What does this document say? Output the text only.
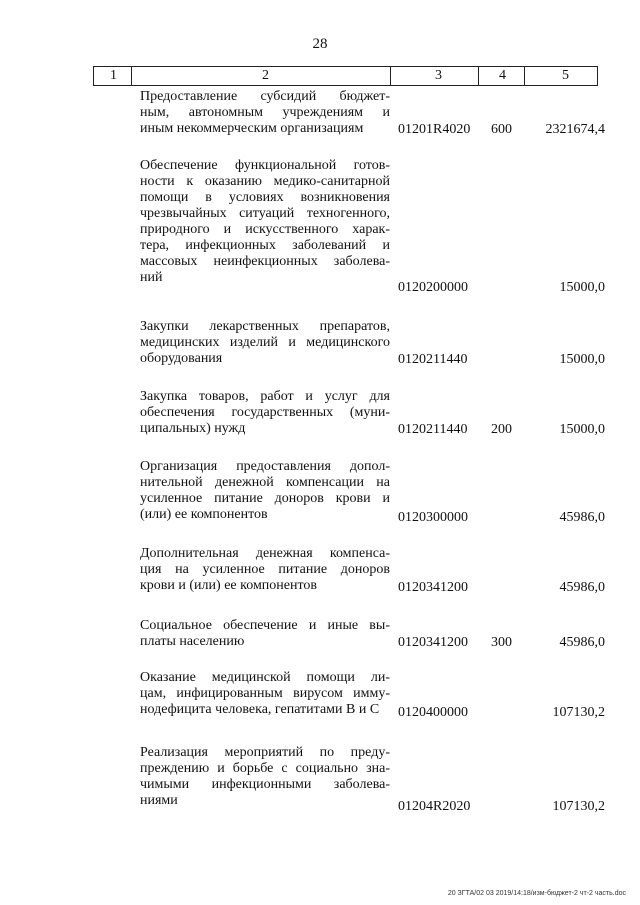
28
1	2	3	4	5
Предоставление субсидий бюджет-
ным, автономным учреждениям и
иным некоммерческим организациям	01201R4020 600 2321674,4
Обеспечение функциональной готов-
ности к оказанию медико-санитарной
помощи в условиях возникновения
чрезвычайных ситуаций техногенного,
природного и искусственного харак-
тера, инфекционных заболеваний и
массовых неинфекционных заболева-
ний
0120200000	15000,0
Закупки лекарственных препаратов,
медицинских изделий и медицинского
оборудования	0120211440	15000,0
Закупка товаров, работ и услуг для
обеспечения государственных (муни-
ципальных) нужд	0120211440 200	15000,0
Организация предоставления допол-
нительной денежной компенсации на
усиленное питание доноров крови и
(или) ее компонентов	0120300000	45986,0
Дополнительная денежная компенса-
ция на усиленное питание доноров
крови и (или) ее компонентов	0120341200	45986,0
Социальное обеспечение и иные вы-
платы населению	0120341200 300	45986,0
Оказание медицинской помощи ли-
цам, инфицированным вирусом имму-
нодефицита человека, гепатитами В и С	0120400000	107130,2
Реализация мероприятий по преду-
преждению и борьбе с социально зна-
чимыми инфекционными заболева-
ниями	01204R2020	107130,2
20 ЗГТА/02 03 2019/14:18/изм-бюджет-2 чт-2 часть.doc
